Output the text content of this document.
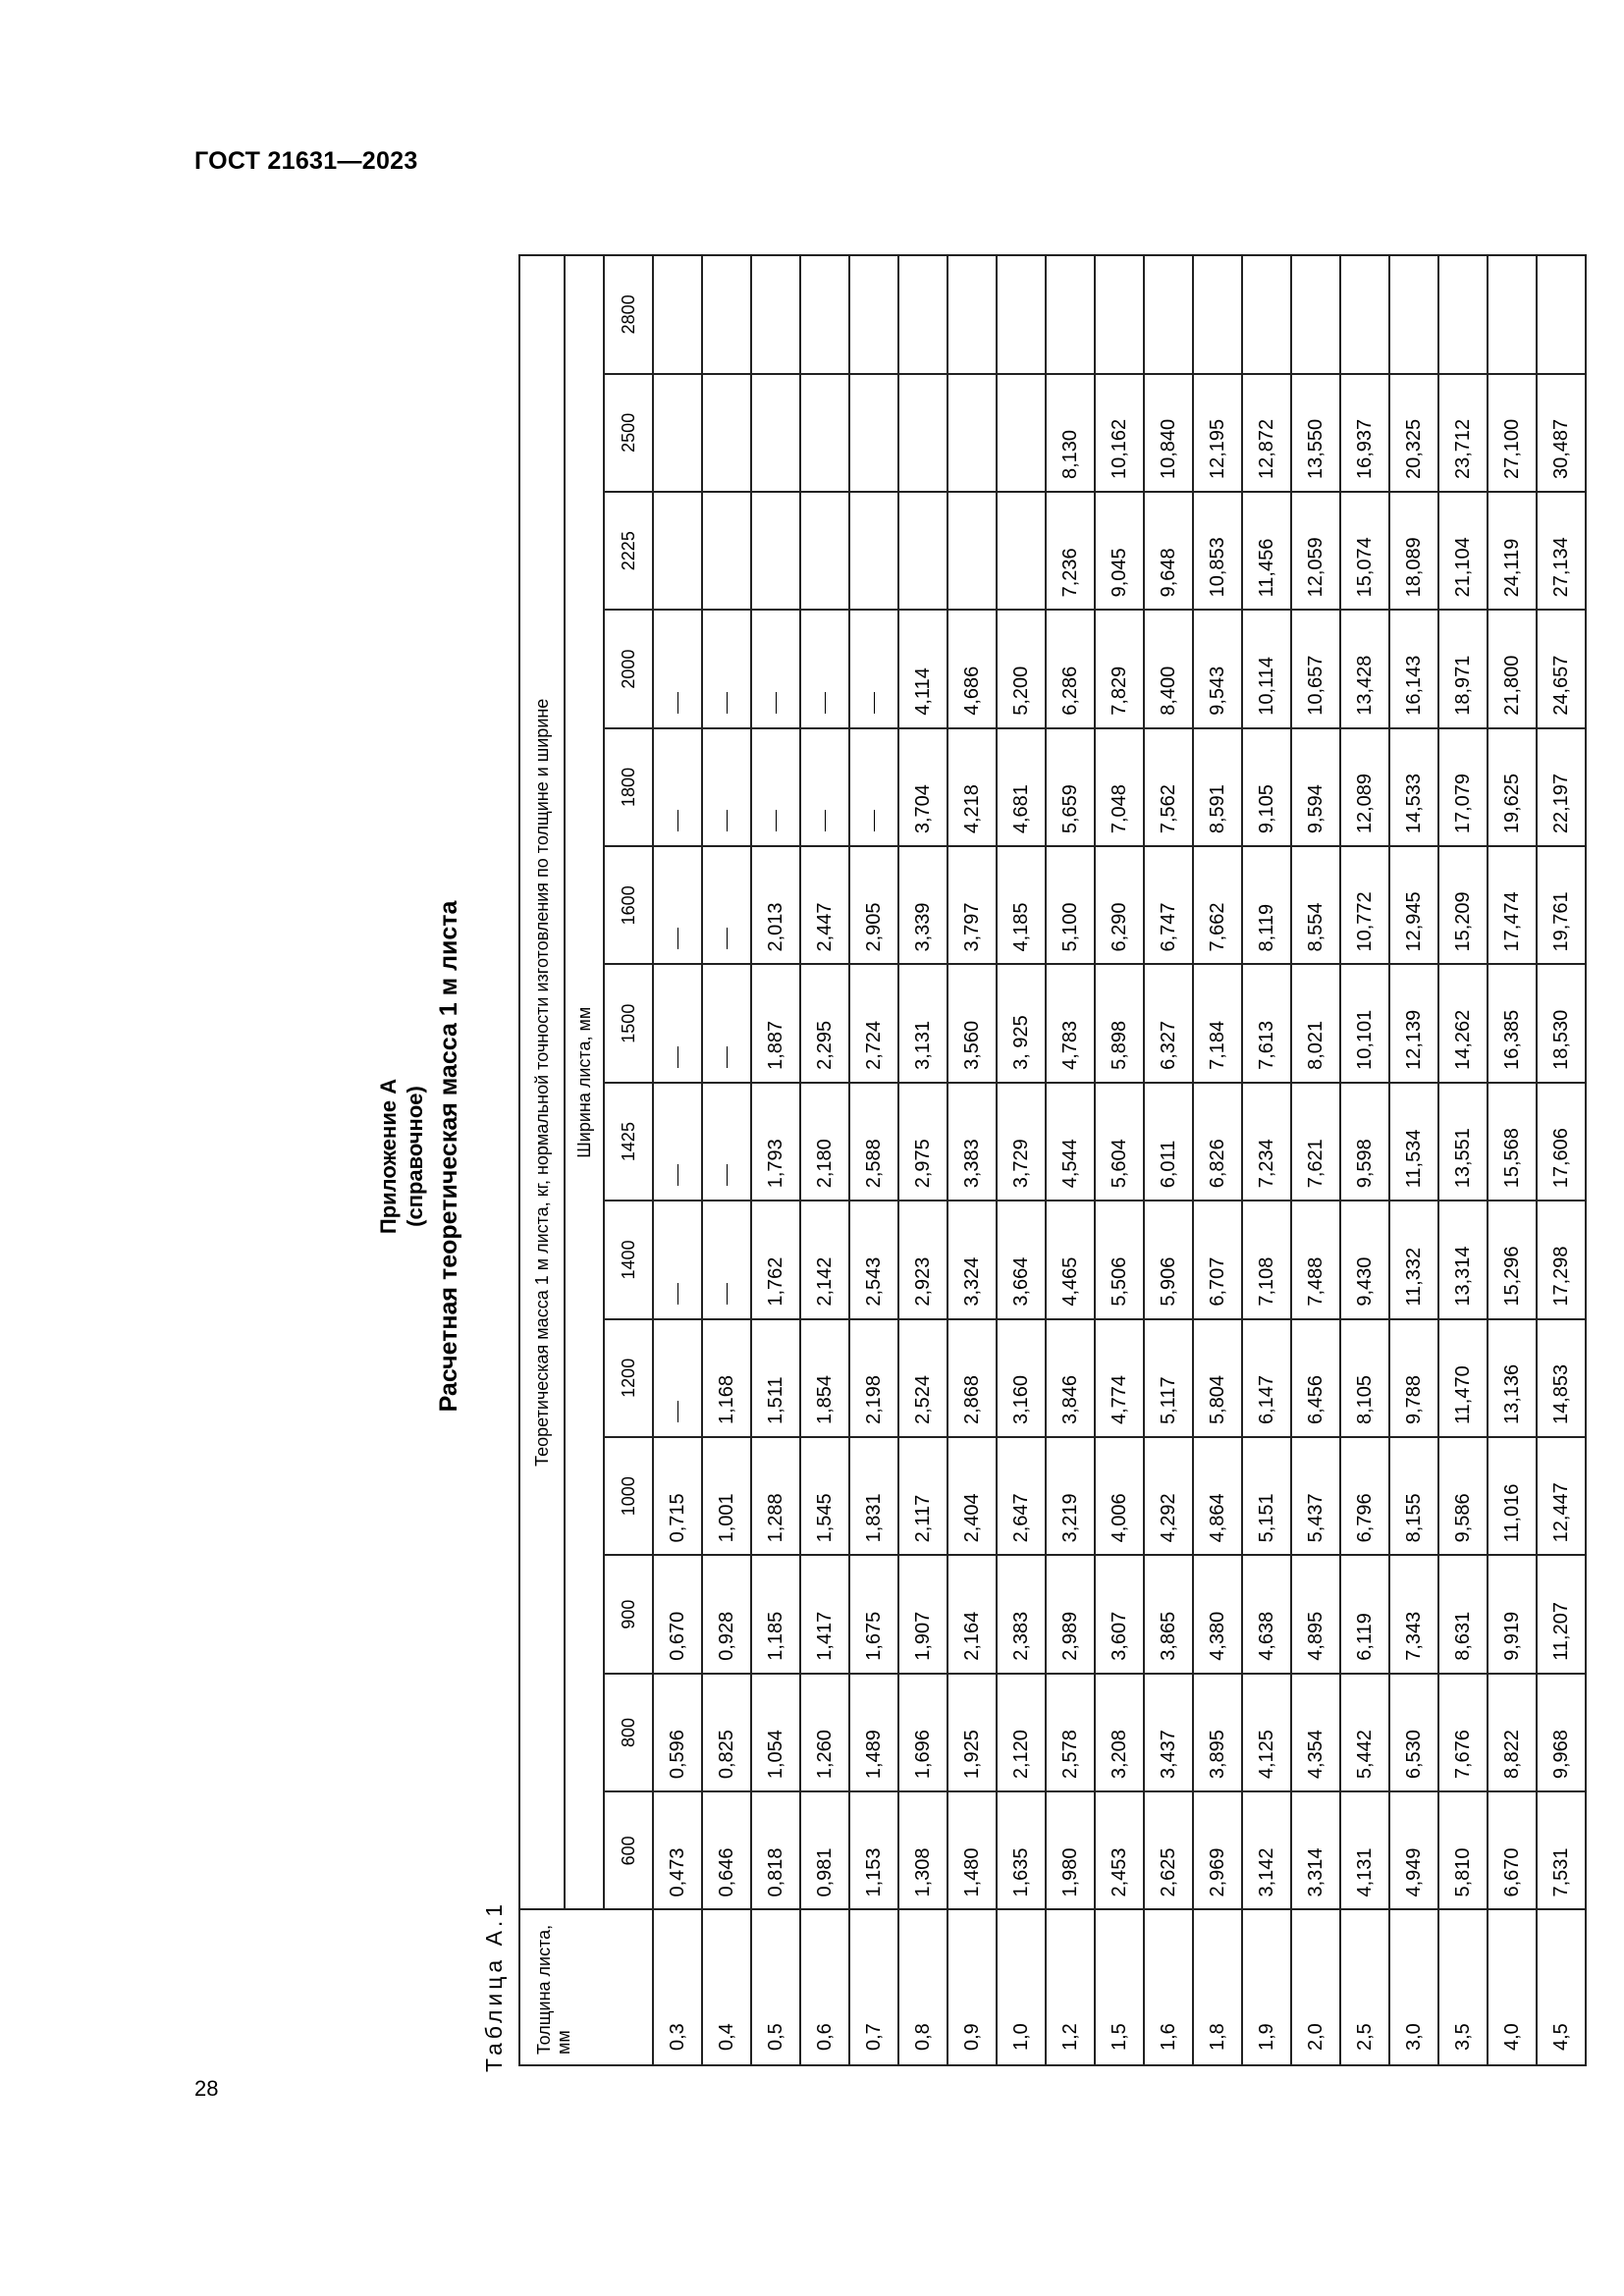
ГОСТ 21631—2023
28
Приложение А (справочное) Расчетная теоретическая масса 1 м листа
Таблица А.1 Толщина листа, мм	Теоретическая масса 1 м листа, кг, нормальной точности изготовления по толщине и ширине													
	Ширина листа, мм													
	600	800	900	1000	1200	1400	1425	1500	1600	1800	2000	2225	2500	2800
0,3	0,473	0,596	0,670	0,715										
0,4	0,646	0,825	0,928	1,001	1,168									
0,5	0,818	1,054	1,185	1,288	1,511	1,762	1,793	1,887	2,013					
0,6	0,981	1,260	1,417	1,545	1,854	2,142	2,180	2,295	2,447					
0,7	1,153	1,489	1,675	1,831	2,198	2,543	2,588	2,724	2,905					
0,8	1,308	1,696	1,907	2,117	2,524	2,923	2,975	3,131	3,339	3,704	4,114			
0,9	1,480	1,925	2,164	2,404	2,868	3,324	3,383	3,560	3,797	4,218	4,686			
1,0	1,635	2,120	2,383	2,647	3,160	3,664	3,729	3, 925	4,185	4,681	5,200			
1,2	1,980	2,578	2,989	3,219	3,846	4,465	4,544	4,783	5,100	5,659	6,286	7,236	8,130	
1,5	2,453	3,208	3,607	4,006	4,774	5,506	5,604	5,898	6,290	7,048	7,829	9,045	10,162	
1,6	2,625	3,437	3,865	4,292	5,117	5,906	6,011	6,327	6,747	7,562	8,400	9,648	10,840	
1,8	2,969	3,895	4,380	4,864	5,804	6,707	6,826	7,184	7,662	8,591	9,543	10,853	12,195	
1,9	3,142	4,125	4,638	5,151	6,147	7,108	7,234	7,613	8,119	9,105	10,114	11,456	12,872	
2,0	3,314	4,354	4,895	5,437	6,456	7,488	7,621	8,021	8,554	9,594	10,657	12,059	13,550	
2,5	4,131	5,442	6,119	6,796	8,105	9,430	9,598	10,101	10,772	12,089	13,428	15,074	16,937	
3,0	4,949	6,530	7,343	8,155	9,788	11,332	11,534	12,139	12,945	14,533	16,143	18,089	20,325	
3,5	5,810	7,676	8,631	9,586	11,470	13,314	13,551	14,262	15,209	17,079	18,971	21,104	23,712	
4,0	6,670	8,822	9,919	11,016	13,136	15,296	15,568	16,385	17,474	19,625	21,800	24,119	27,100	
4,5	7,531	9,968	11,207	12,447	14,853	17,298	17,606	18,530	19,761	22,197	24,657	27,134	30,487	
